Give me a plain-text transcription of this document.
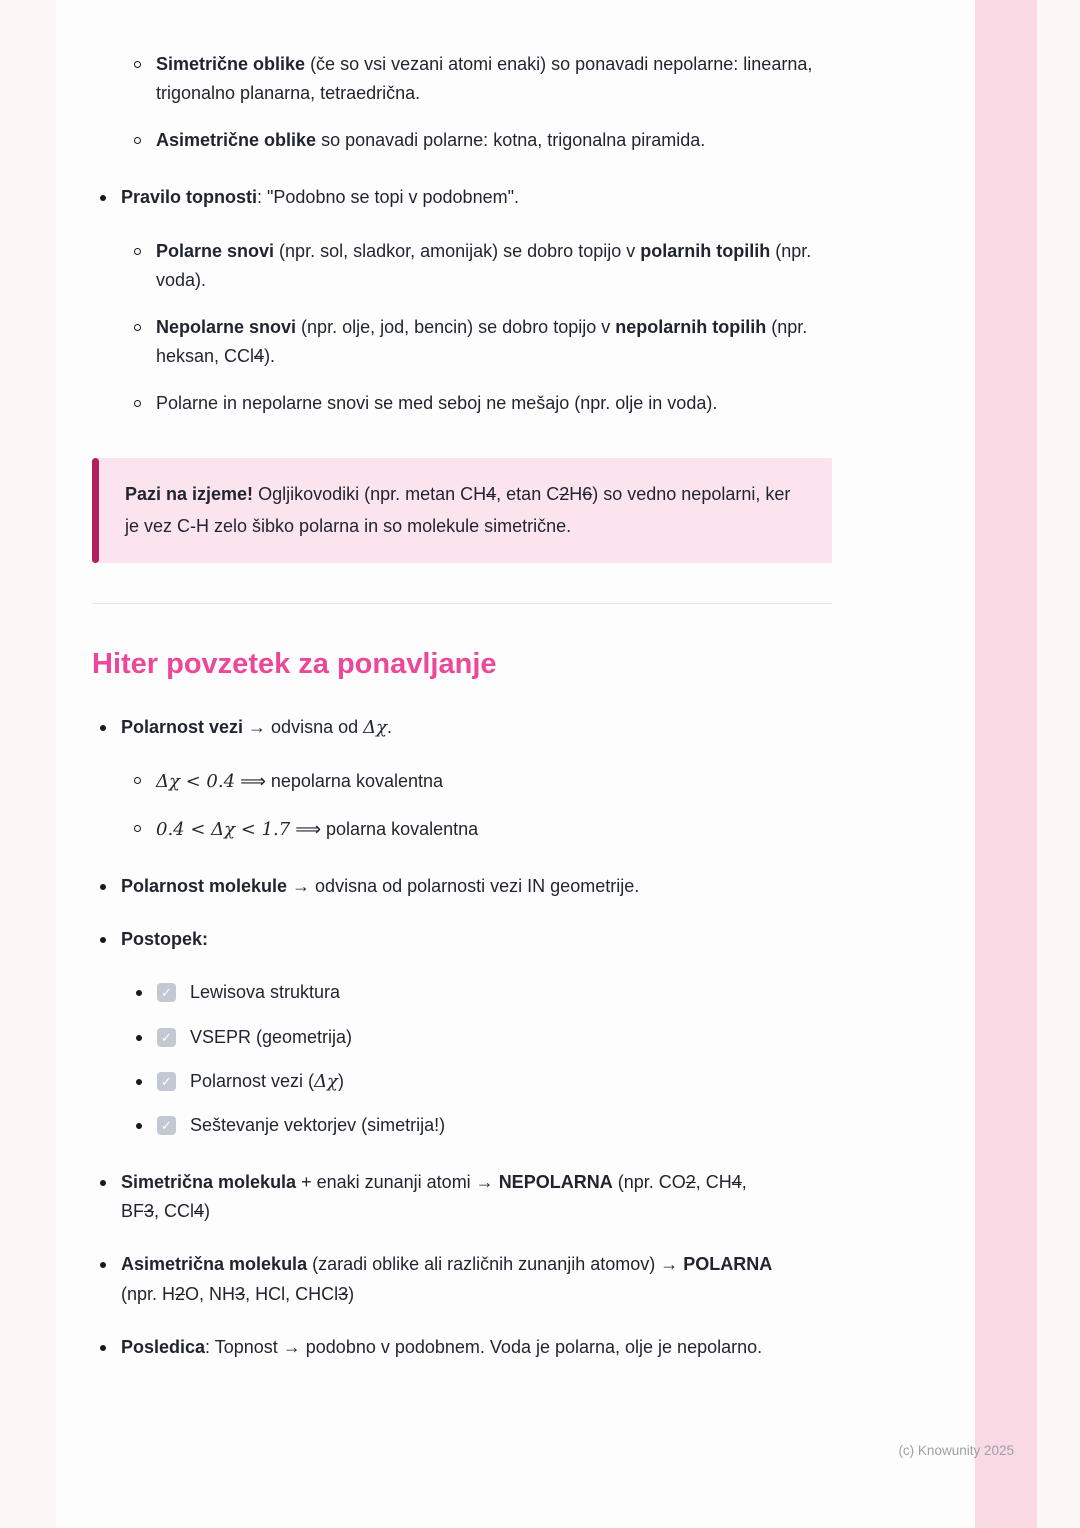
Simetrične oblike (če so vsi vezani atomi enaki) so ponavadi nepolarne: linearna, trigonalno planarna, tetraedrična.
Asimetrične oblike so ponavadi polarne: kotna, trigonalna piramida.
Pravilo topnosti: "Podobno se topi v podobnem".
Polarne snovi (npr. sol, sladkor, amonijak) se dobro topijo v polarnih topilih (npr. voda).
Nepolarne snovi (npr. olje, jod, bencin) se dobro topijo v nepolarnih topilih (npr. heksan, CCl4).
Polarne in nepolarne snovi se med seboj ne mešajo (npr. olje in voda).
Pazi na izjeme! Ogljikovodiki (npr. metan CH4, etan C2H6) so vedno nepolarni, ker je vez C-H zelo šibko polarna in so molekule simetrične.
Hiter povzetek za ponavljanje
Polarnost vezi → odvisna od Δχ.
Δχ < 0.4 ⟹ nepolarna kovalentna
0.4 < Δχ < 1.7 ⟹ polarna kovalentna
Polarnost molekule → odvisna od polarnosti vezi IN geometrije.
Postopek:
✓ Lewisova struktura
✓ VSEPR (geometrija)
✓ Polarnost vezi (Δχ)
✓ Seštevanje vektorjev (simetrija!)
Simetrična molekula + enaki zunanji atomi → NEPOLARNA (npr. CO2, CH4, BF3, CCl4)
Asimetrična molekula (zaradi oblike ali različnih zunanjih atomov) → POLARNA (npr. H2O, NH3, HCl, CHCl3)
Posledica: Topnost → podobno v podobnem. Voda je polarna, olje je nepolarno.
(c) Knowunity 2025
